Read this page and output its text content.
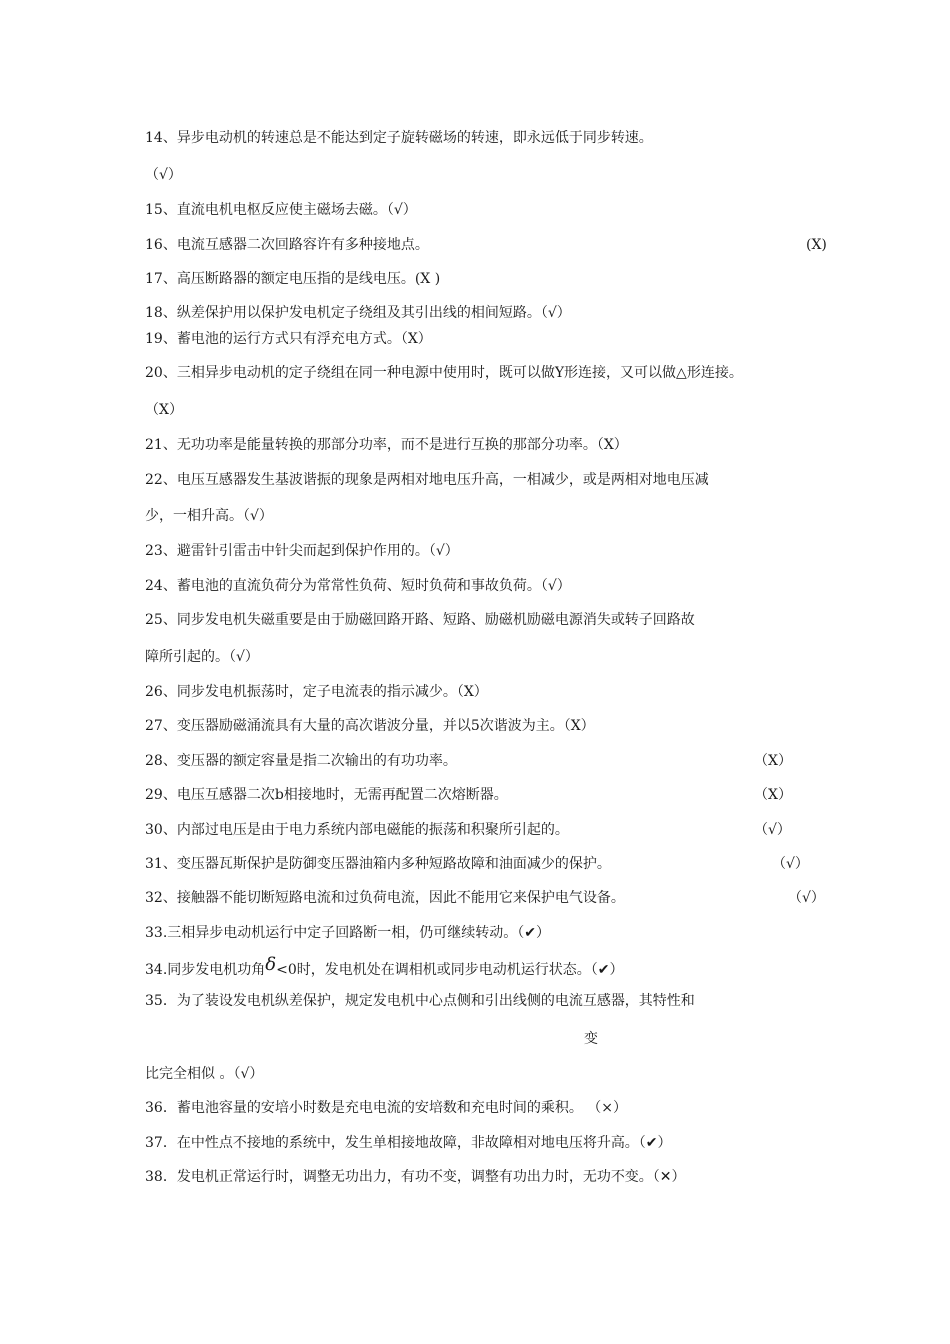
14、异步电动机的转速总是不能达到定子旋转磁场的转速，即永远低于同步转速。

（√）

15、直流电机电枢反应使主磁场去磁。（√）

16、电流互感器二次回路容许有多种接地点。	(X)

17、高压断路器的额定电压指的是线电压。(X )

18、纵差保护用以保护发电机定子绕组及其引出线的相间短路。（√）

19、蓄电池的运行方式只有浮充电方式。（X）

20、三相异步电动机的定子绕组在同一种电源中使用时，既可以做Y形连接，又可以做△形连接。

（X）

21、无功功率是能量转换的那部分功率，而不是进行互换的那部分功率。（X）

22、电压互感器发生基波谐振的现象是两相对地电压升高，一相减少，或是两相对地电压减

少，一相升高。（√）

23、避雷针引雷击中针尖而起到保护作用的。（√）

24、蓄电池的直流负荷分为常常性负荷、短时负荷和事故负荷。（√）

25、同步发电机失磁重要是由于励磁回路开路、短路、励磁机励磁电源消失或转子回路故

障所引起的。（√）

26、同步发电机振荡时，定子电流表的指示减少。（X）

27、变压器励磁涌流具有大量的高次谐波分量，并以5次谐波为主。（X）

28、变压器的额定容量是指二次输出的有功功率。	（X）

29、电压互感器二次b相接地时，无需再配置二次熔断器。	（X）

30、内部过电压是由于电力系统内部电磁能的振荡和积聚所引起的。	（√）

31、变压器瓦斯保护是防御变压器油箱内多种短路故障和油面减少的保护。	（√）

32、接触器不能切断短路电流和过负荷电流，因此不能用它来保护电气设备。	（√）

33.三相异步电动机运行中定子回路断一相，仍可继续转动。（✔）

34.同步发电机功角δ<0时，发电机处在调相机或同步电动机运行状态。（✔）

35．为了装设发电机纵差保护，规定发电机中心点侧和引出线侧的电流互感器，其特性和

变

比完全相似 。（√）

36．蓄电池容量的安培小时数是充电电流的安培数和充电时间的乘积。 （×）

37．在中性点不接地的系统中，发生单相接地故障，非故障相对地电压将升高。（✔）

38．发电机正常运行时，调整无功出力，有功不变，调整有功出力时，无功不变。（✕）
